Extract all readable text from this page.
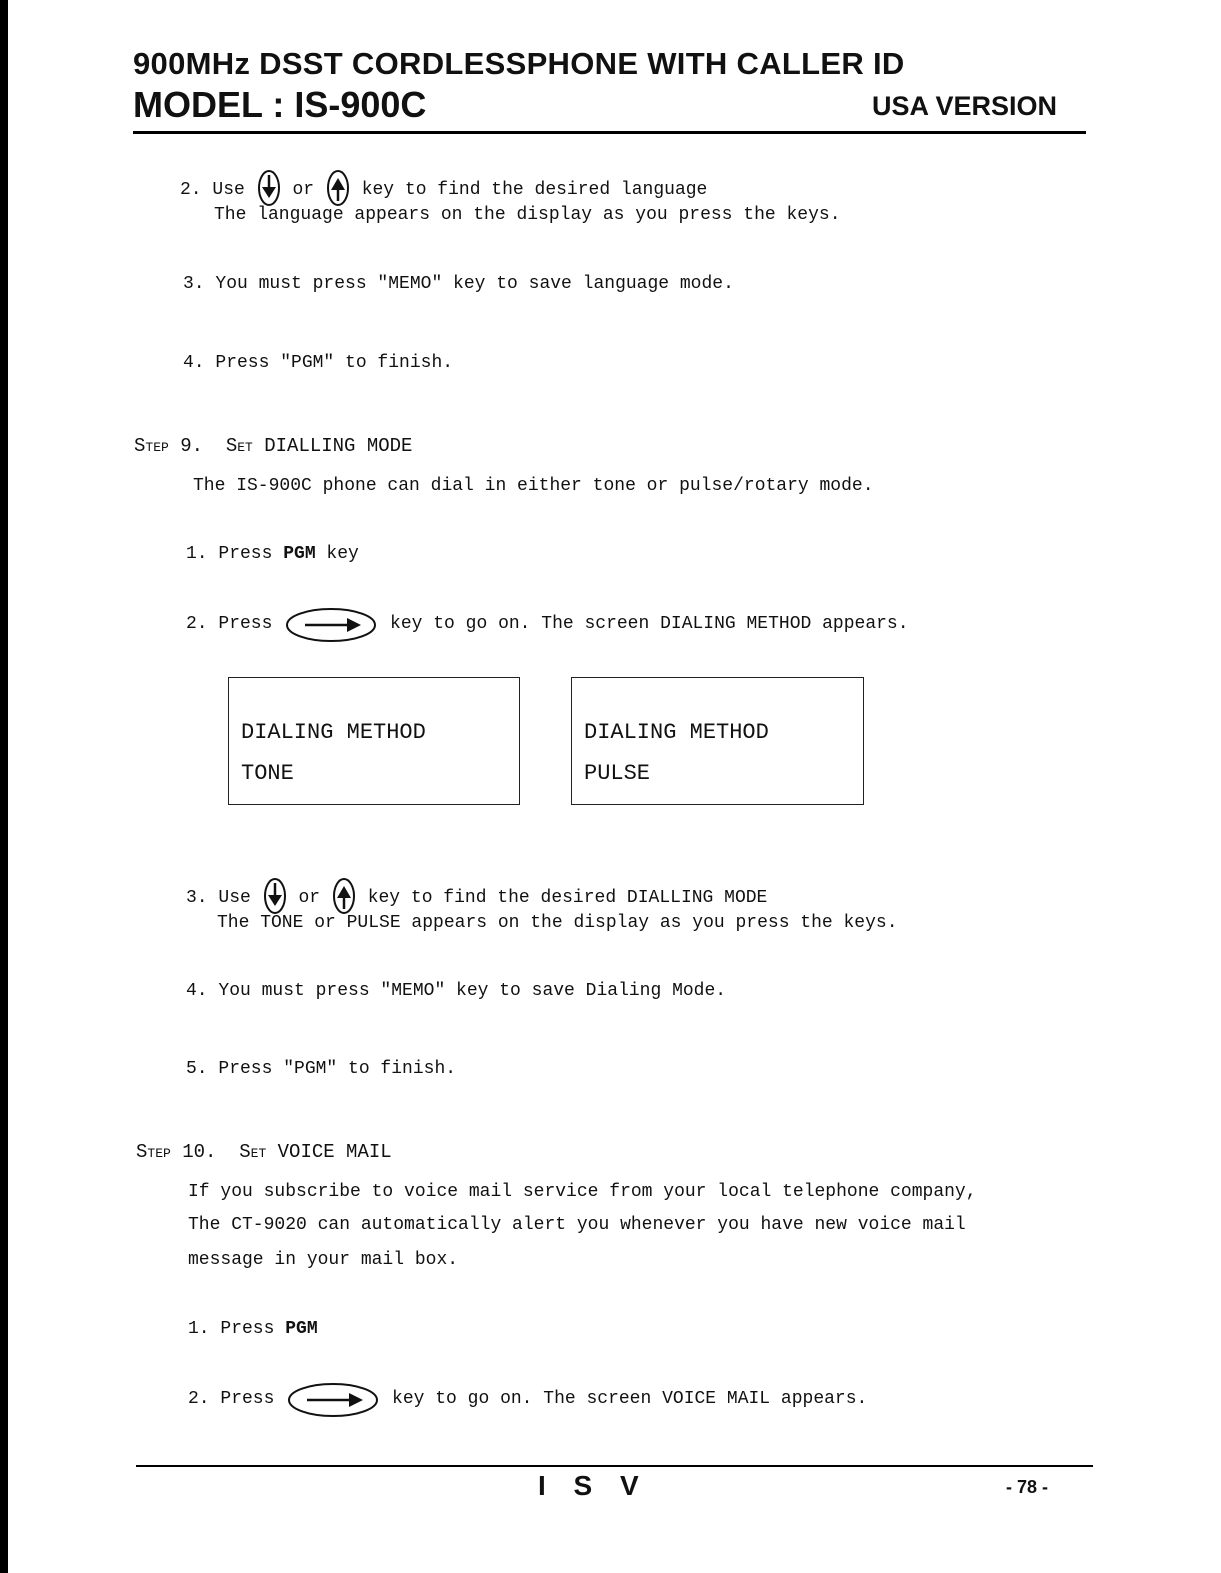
900MHz DSST CORDLESSPHONE WITH CALLER ID
MODEL : IS-900C	USA VERSION
2. Use	or	key to find the desired language
The language appears on the display as you press the keys.
3. You must press "MEMO" key to save language mode.
4. Press "PGM" to finish.
Step 9. Set DIALLING MODE
The IS-900C phone can dial in either tone or pulse/rotary mode.
1. Press PGM key
2. Press	key to go on. The screen DIALING METHOD appears.
DIALING METHOD
TONE
DIALING METHOD
PULSE
3. Use	or	key to find the desired DIALLING MODE
The TONE or PULSE appears on the display as you press the keys.
4. You must press "MEMO" key to save Dialing Mode.
5. Press "PGM" to finish.
Step 10. Set VOICE MAIL
If you subscribe to voice mail service from your local telephone company,
The CT-9020 can automatically alert you whenever you have new voice mail
message in your mail box.
1. Press PGM
2. Press	key to go on. The screen VOICE MAIL appears.
I S V	- 78 -
